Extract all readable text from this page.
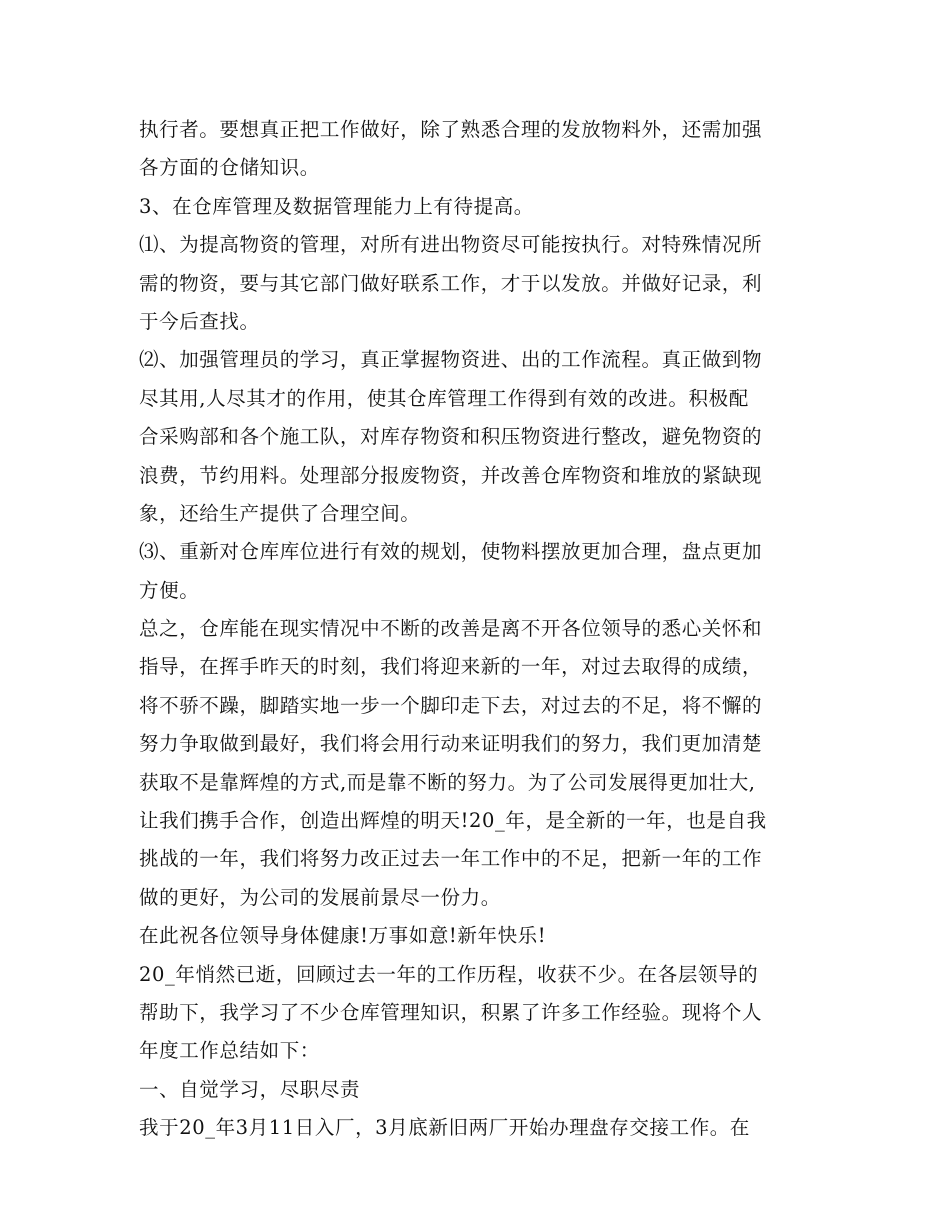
执行者。要想真正把工作做好，除了熟悉合理的发放物料外，还需加强
各方面的仓储知识。
3、在仓库管理及数据管理能力上有待提高。
⑴、为提高物资的管理，对所有进出物资尽可能按执行。对特殊情况所
需的物资，要与其它部门做好联系工作，才于以发放。并做好记录，利
于今后查找。
⑵、加强管理员的学习，真正掌握物资进、出的工作流程。真正做到物
尽其用,人尽其才的作用，使其仓库管理工作得到有效的改进。积极配
合采购部和各个施工队，对库存物资和积压物资进行整改，避免物资的
浪费，节约用料。处理部分报废物资，并改善仓库物资和堆放的紧缺现
象，还给生产提供了合理空间。
⑶、重新对仓库库位进行有效的规划，使物料摆放更加合理，盘点更加
方便。
总之，仓库能在现实情况中不断的改善是离不开各位领导的悉心关怀和
指导，在挥手昨天的时刻，我们将迎来新的一年，对过去取得的成绩，
将不骄不躁，脚踏实地一步一个脚印走下去，对过去的不足，将不懈的
努力争取做到最好，我们将会用行动来证明我们的努力，我们更加清楚
获取不是靠辉煌的方式,而是靠不断的努力。为了公司发展得更加壮大,
让我们携手合作，创造出辉煌的明天!20_年，是全新的一年，也是自我
挑战的一年，我们将努力改正过去一年工作中的不足，把新一年的工作
做的更好，为公司的发展前景尽一份力。
在此祝各位领导身体健康!万事如意!新年快乐!
20_年悄然已逝，回顾过去一年的工作历程，收获不少。在各层领导的
帮助下，我学习了不少仓库管理知识，积累了许多工作经验。现将个人
年度工作总结如下：
一、自觉学习，尽职尽责
我于20_年3月11日入厂，3月底新旧两厂开始办理盘存交接工作。在
